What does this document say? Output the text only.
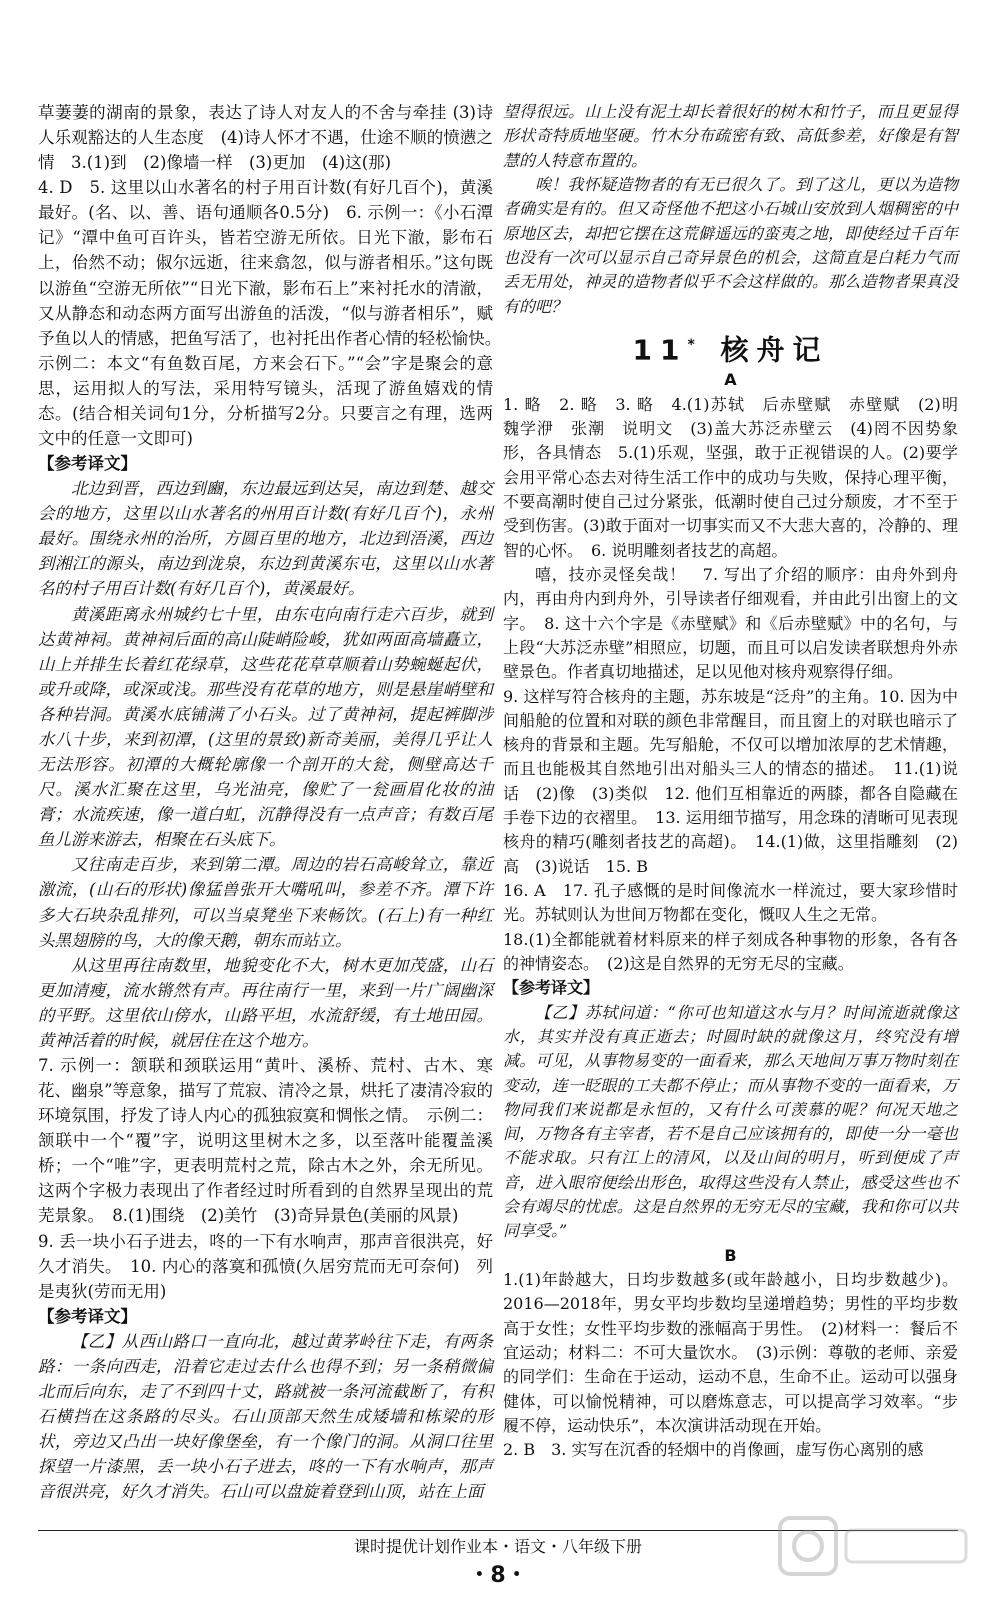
草萋萋的湖南的景象，表达了诗人对友人的不舍与牵挂 (3)诗人乐观豁达的人生态度　(4)诗人怀才不遇，仕途不顺的愤懑之情　3.(1)到　(2)像墙一样　(3)更加　(4)这(那)

4. D　5. 这里以山水著名的村子用百计数(有好几百个)，黄溪最好。(名、以、善、语句通顺各0.5分)　6. 示例一：《小石潭记》“潭中鱼可百许头，皆若空游无所依。日光下澈，影布石上，佁然不动；俶尔远逝，往来翕忽，似与游者相乐。”这句既以游鱼“空游无所依”“日光下澈，影布石上”来衬托水的清澈，又从静态和动态两方面写出游鱼的活泼，“似与游者相乐”，赋予鱼以人的情感，把鱼写活了，也衬托出作者心情的轻松愉快。　示例二：本文“有鱼数百尾，方来会石下。”“会”字是聚会的意思，运用拟人的写法，采用特写镜头，活现了游鱼嬉戏的情态。(结合相关词句1分，分析描写2分。只要言之有理，选两文中的任意一文即可)

【参考译文】

北边到晋，西边到豳，东边最远到达吴，南边到楚、越交会的地方，这里以山水著名的州用百计数(有好几百个)，永州最好。围绕永州的治所，方圆百里的地方，北边到浯溪，西边到湘江的源头，南边到泷泉，东边到黄溪东屯，这里以山水著名的村子用百计数(有好几百个)，黄溪最好。

黄溪距离永州城约七十里，由东屯向南行走六百步，就到达黄神祠。黄神祠后面的高山陡峭险峻，犹如两面高墙矗立，山上并排生长着红花绿草，这些花花草草顺着山势蜿蜒起伏，或升或降，或深或浅。那些没有花草的地方，则是悬崖峭壁和各种岩洞。黄溪水底铺满了小石头。过了黄神祠，提起裤脚涉水八十步，来到初潭，(这里的景致)新奇美丽，美得几乎让人无法形容。初潭的大概轮廓像一个剖开的大瓮，侧壁高达千尺。溪水汇聚在这里，乌光油亮，像贮了一瓮画眉化妆的油膏；水流疾速，像一道白虹，沉静得没有一点声音；有数百尾鱼儿游来游去，相聚在石头底下。

又往南走百步，来到第二潭。周边的岩石高峻耸立，靠近激流，(山石的形状)像猛兽张开大嘴吼叫，参差不齐。潭下许多大石块杂乱排列，可以当桌凳坐下来畅饮。(石上)有一种红头黑翅膀的鸟，大的像天鹅，朝东而站立。

从这里再往南数里，地貌变化不大，树木更加茂盛，山石更加清瘦，流水锵然有声。再往南行一里，来到一片广阔幽深的平野。这里依山傍水，山路平坦，水流舒缓，有土地田园。黄神活着的时候，就居住在这个地方。

7. 示例一：颔联和颈联运用“黄叶、溪桥、荒村、古木、寒花、幽泉”等意象，描写了荒寂、清冷之景，烘托了凄清冷寂的环境氛围，抒发了诗人内心的孤独寂寞和惆怅之情。　示例二：颔联中一个“覆”字，说明这里树木之多，以至落叶能覆盖溪桥；一个“唯”字，更表明荒村之荒，除古木之外，余无所见。这两个字极力表现出了作者经过时所看到的自然界呈现出的荒芜景象。　8.(1)围绕　(2)美竹　(3)奇异景色(美丽的风景)

9. 丢一块小石子进去，咚的一下有水响声，那声音很洪亮，好久才消失。　10. 内心的落寞和孤愤(久居穷荒而无可奈何)　列是夷狄(劳而无用)

【参考译文】

【乙】从西山路口一直向北，越过黄茅岭往下走，有两条路：一条向西走，沿着它走过去什么也得不到；另一条稍微偏北而后向东，走了不到四十丈，路就被一条河流截断了，有积石横挡在这条路的尽头。石山顶部天然生成矮墙和栋梁的形状，旁边又凸出一块好像堡垒，有一个像门的洞。从洞口往里探望一片漆黑，丢一块小石子进去，咚的一下有水响声，那声音很洪亮，好久才消失。石山可以盘旋着登到山顶，站在上面

望得很远。山上没有泥土却长着很好的树木和竹子，而且更显得形状奇特质地坚硬。竹木分布疏密有致、高低参差，好像是有智慧的人特意布置的。

唉！我怀疑造物者的有无已很久了。到了这儿，更以为造物者确实是有的。但又奇怪他不把这小石城山安放到人烟稠密的中原地区去，却把它摆在这荒僻遥远的蛮夷之地，即使经过千百年也没有一次可以显示自己奇异景色的机会，这简直是白耗力气而丢无用处，神灵的造物者似乎不会这样做的。那么造物者果真没有的吧？

11* 核舟记

A

1. 略　2. 略　3. 略　4.(1)苏轼　后赤壁赋　赤壁赋　(2)明　魏学洢　张潮　说明文　(3)盖大苏泛赤壁云　(4)罔不因势象形，各具情态　5.(1)乐观，坚强，敢于正视错误的人。(2)要学会用平常心态去对待生活工作中的成功与失败，保持心理平衡，不要高潮时使自己过分紧张，低潮时使自己过分颓废，才不至于受到伤害。(3)敢于面对一切事实而又不大悲大喜的，冷静的、理智的心怀。　6. 说明雕刻者技艺的高超。

嘻，技亦灵怪矣哉！　7. 写出了介绍的顺序：由舟外到舟内，再由舟内到舟外，引导读者仔细观看，并由此引出窗上的文字。　8. 这十六个字是《赤壁赋》和《后赤壁赋》中的名句，与上段“大苏泛赤壁”相照应，切题，而且可以启发读者联想舟外赤壁景色。作者真切地描述，足以见他对核舟观察得仔细。

9. 这样写符合核舟的主题，苏东坡是“泛舟”的主角。10. 因为中间船舱的位置和对联的颜色非常醒目，而且窗上的对联也暗示了核舟的背景和主题。先写船舱，不仅可以增加浓厚的艺术情趣，而且也能极其自然地引出对船头三人的情态的描述。　11.(1)说话　(2)像　(3)类似　12. 他们互相靠近的两膝，都各自隐藏在手卷下边的衣褶里。　13. 运用细节描写，用念珠的清晰可见表现核舟的精巧(雕刻者技艺的高超)。　14.(1)做，这里指雕刻　(2)高　(3)说话　15. B

16. A　17. 孔子感慨的是时间像流水一样流过，要大家珍惜时光。苏轼则认为世间万物都在变化，慨叹人生之无常。

18.(1)全都能就着材料原来的样子刻成各种事物的形象，各有各的神情姿态。　(2)这是自然界的无穷无尽的宝藏。

【参考译文】

【乙】苏轼问道：“你可也知道这水与月？时间流逝就像这水，其实并没有真正逝去；时圆时缺的就像这月，终究没有增减。可见，从事物易变的一面看来，那么天地间万事万物时刻在变动，连一眨眼的工夫都不停止；而从事物不变的一面看来，万物同我们来说都是永恒的，又有什么可羡慕的呢？何况天地之间，万物各有主宰者，若不是自己应该拥有的，即使一分一毫也不能求取。只有江上的清风，以及山间的明月，听到便成了声音，进入眼帘便绘出形色，取得这些没有人禁止，感受这些也不会有竭尽的忧虑。这是自然界的无穷无尽的宝藏，我和你可以共同享受。”

B

1.(1)年龄越大，日均步数越多(或年龄越小，日均步数越少)。2016—2018年，男女平均步数均呈递增趋势；男性的平均步数高于女性；女性平均步数的涨幅高于男性。　(2)材料一：餐后不宜运动；材料二：不可大量饮水。　(3)示例：尊敬的老师、亲爱的同学们：生命在于运动，运动不息，生命不止。运动可以强身健体，可以愉悦精神，可以磨炼意志，可以提高学习效率。“步履不停，运动快乐”，本次演讲活动现在开始。

2. B　3. 实写在沉香的轻烟中的肖像画，虚写伤心离别的感

课时提优计划作业本・语文・八年级下册
・8・
